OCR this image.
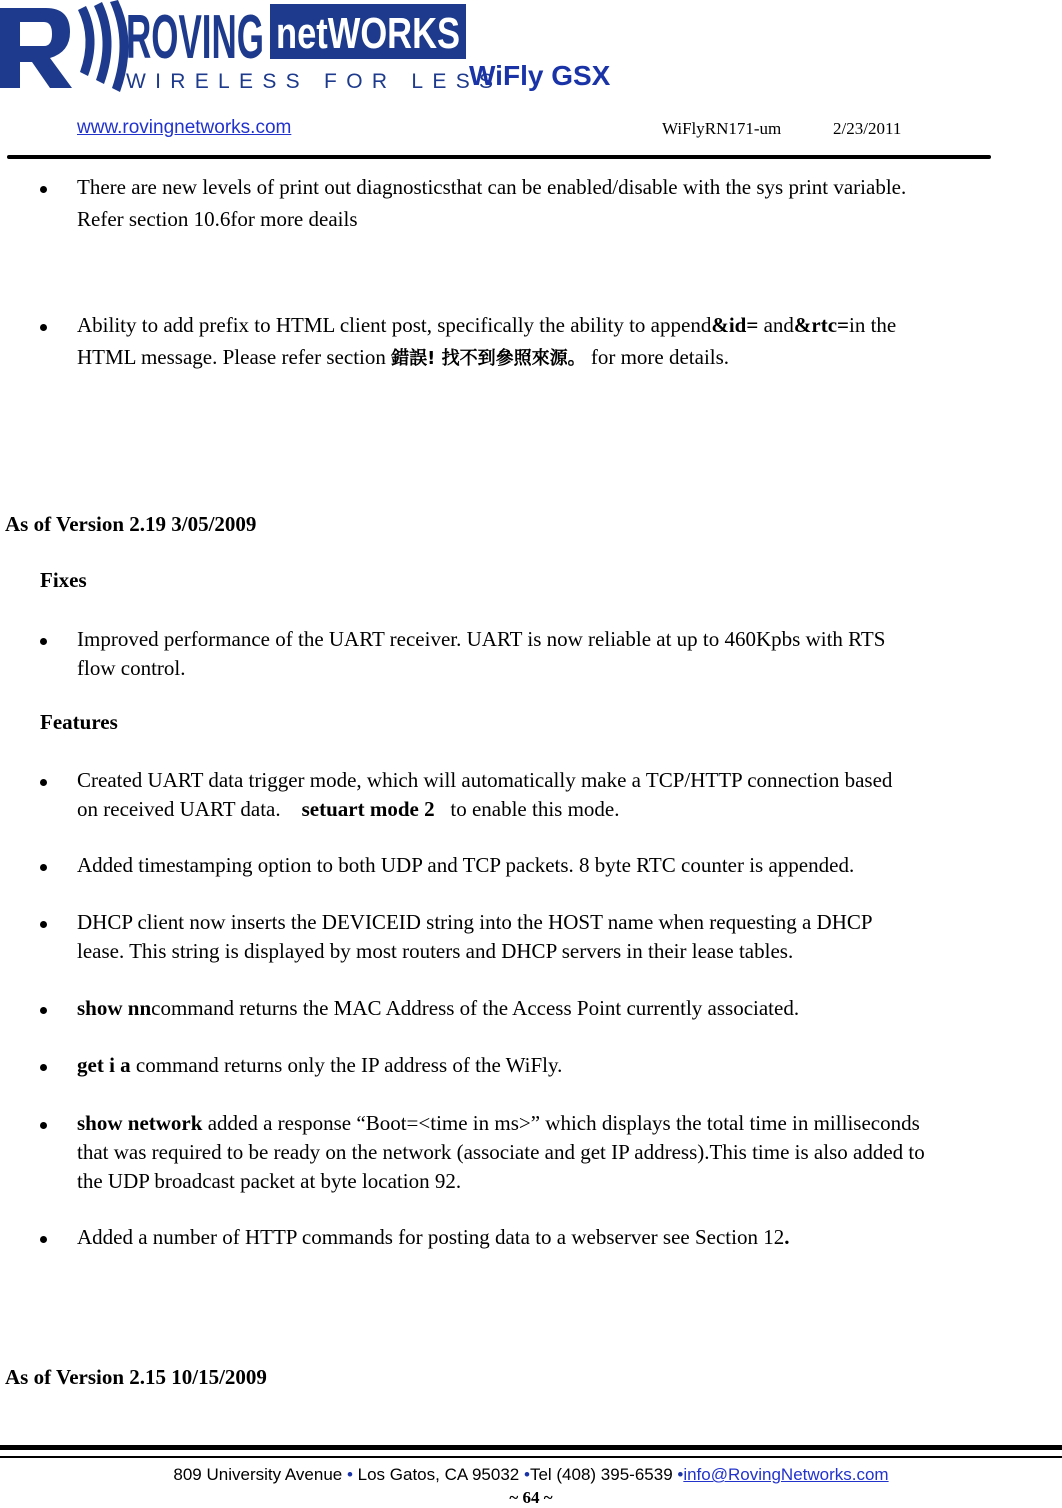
ROVING netWORKS
WIRELESS FOR LESS
WiFly GSX
www.rovingnetworks.com	WiFlyRN171-um	2/23/2011
There are new levels of print out diagnosticsthat can be enabled/disable with the sys print variable.
Refer section 10.6for more deails
Ability to add prefix to HTML client post, specifically the ability to append&id= and&rtc=in the
HTML message. Please refer section 錯誤! 找不到參照來源。 for more details.
As of Version 2.19 3/05/2009
Fixes
Improved performance of the UART receiver. UART is now reliable at up to 460Kpbs with RTS
flow control.
Features
Created UART data trigger mode, which will automatically make a TCP/HTTP connection based
on received UART data.    setuart mode 2   to enable this mode.
Added timestamping option to both UDP and TCP packets. 8 byte RTC counter is appended.
DHCP client now inserts the DEVICEID string into the HOST name when requesting a DHCP
lease. This string is displayed by most routers and DHCP servers in their lease tables.
show nncommand returns the MAC Address of the Access Point currently associated.
get i a command returns only the IP address of the WiFly.
show network added a response “Boot=<time in ms>” which displays the total time in milliseconds
that was required to be ready on the network (associate and get IP address).This time is also added to
the UDP broadcast packet at byte location 92.
Added a number of HTTP commands for posting data to a webserver see Section 12.
As of Version 2.15 10/15/2009
809 University Avenue • Los Gatos, CA 95032 •Tel (408) 395-6539 •info@RovingNetworks.com
~ 64 ~
